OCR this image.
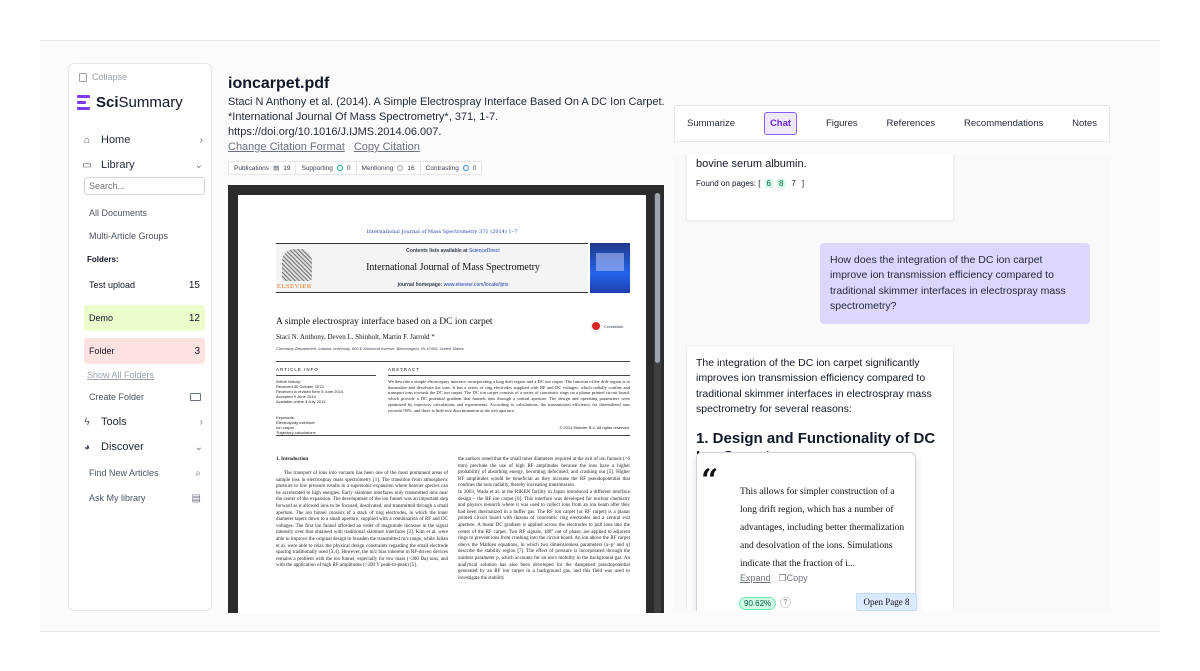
Collapse
SciSummary
⌂ Home	›
▭ Library	⌄
Search...
All Documents
Multi-Article Groups
Folders:
Test upload	15
Demo	12
Folder	3
Show All Folders
Create Folder
ϟ	Tools	›
◕ Discover	⌄
Find New Articles	⌕
Ask My library	▤
ioncarpet.pdf
Staci N Anthony et al. (2014). A Simple Electrospray Interface Based On A DC Ion Carpet.
*International Journal Of Mass Spectrometry*, 371, 1-7.
https://doi.org/10.1016/J.IJMS.2014.06.007.
Change Citation Format Copy Citation
Publications ▤ 19 Supporting 0 Mentioning 16 Contrasting 0
International Journal of Mass Spectrometry 371 (2014) 1–7
ELSEVIER
Contents lists available at ScienceDirect
International Journal of Mass Spectrometry
journal homepage: www.elsevier.com/locate/ijms
A simple electrospray interface based on a DC ion carpet	CrossMark
Staci N. Anthony, Deven L. Shinholt, Martin F. Jarrold *
Chemistry Department, Indiana University, 800 E Kirkwood Avenue, Bloomington, IN 47405, United States
ARTICLE INFO	ABSTRACT
Article history:
Received 30 October 2013
Received in revised form 5 June 2014
Accepted 9 June 2014
Available online 3 July 2014
Keywords:
Electrospray interface
Ion carpet
Trajectory calculations
We describe a simple electrospray interface incorporating a long drift region and a DC ion carpet. The function of the drift region is to thermalize and desolvate the ions. It has a series of ring electrodes supplied with RF and DC voltages, which radially confine and transport ions towards the DC ion carpet. The DC ion carpet consists of a series of concentric rings on a planar printed circuit board, which provide a DC potential gradient that funnels ions through a central aperture. The design and operating parameters were optimized by trajectory calculations and experiments. According to calculations, the transmission efficiency for thermalized ions exceeds 90%, and there is little m/z discrimination at the exit aperture.
© 2014 Elsevier B.V. All rights reserved.
1. Introduction
The transport of ions into vacuum has been one of the most prominent areas of sample loss in electrospray mass spectrometry [1]. The transition from atmospheric pressure to low pressure results in a supersonic expansion where heavier species can be accelerated to high energies. Early skimmer interfaces only transmitted ions near the center of the expansion. The development of the ion funnel was an important step forward as it allowed ions to be focused, desolvated, and transmitted through a small aperture. The ion funnel consists of a stack of ring electrodes, in which the inner diameter tapers down to a small aperture, supplied with a combination of RF and DC voltages. The first ion funnel afforded an order of magnitude increase in the signal intensity over that obtained with traditional skimmer interfaces [2]. Kim et al. were able to improve the original design to broaden the transmitted m/z range, while Julian et al. were able to relax the physical design constraints regarding the small electrode spacing traditionally used [3,4]. However, the m/z bias inherent in RF-driven devices remains a problem with the ion funnel, especially for low mass (<300 Da) ions, and with the application of high RF amplitudes (>200 V peak-to-peak) [5].
the authors noted that the small inner diameters required at the exit of ion funnels (<6 mm) preclude the use of high RF amplitudes because the ions have a higher probability of absorbing energy, becoming defocused, and crashing out [5]. Higher RF amplitudes would be beneficial as they increase the RF pseudopotential that confines the ions radially, thereby increasing transmission.
In 2003, Wada et al. at the RIKEN facility in Japan introduced a different interface design – the RF ion carpet [6]. This interface was developed for nuclear chemistry and physics research where it was used to collect ions from an ion beam after they had been thermalized in a buffer gas. The RF ion carpet (or RF carpet) is a planar printed circuit board with dozens of concentric ring electrodes and a central exit aperture. A linear DC gradient is applied across the electrodes to pull ions into the center of the RF carpet. Two RF signals, 180° out of phase, are applied to adjacent rings to prevent ions from crashing into the circuit board. An ion above the RF carpet obeys the Mathieu equations, in which two dimensionless parameters (a–p² and q) describe the stability region [7]. The effect of pressure is incorporated through the unitless parameter p, which accounts for an ion's mobility in the background gas. An analytical solution has also been developed for the dampened pseudopotential generated by an RF ion carpet in a background gas, and this field was used to investigate the stability
Summarize	Chat	Figures	References	Recommendations	Notes
bovine serum albumin.
Found on pages: [ 6 8 7 ]
How does the integration of the DC ion carpet improve ion transmission efficiency compared to traditional skimmer interfaces in electrospray mass spectrometry?

The integration of the DC ion carpet significantly improves ion transmission efficiency compared to traditional skimmer interfaces in electrospray mass spectrometry for several reasons:

1. Design and Functionality of DC
“ This allows for simpler construction of a long drift region, which has a number of advantages, including better thermalization and desolvation of the ions. Simulations indicate that the fraction of i...
Expand ❐Copy
90.62%	?	Open Page 8
